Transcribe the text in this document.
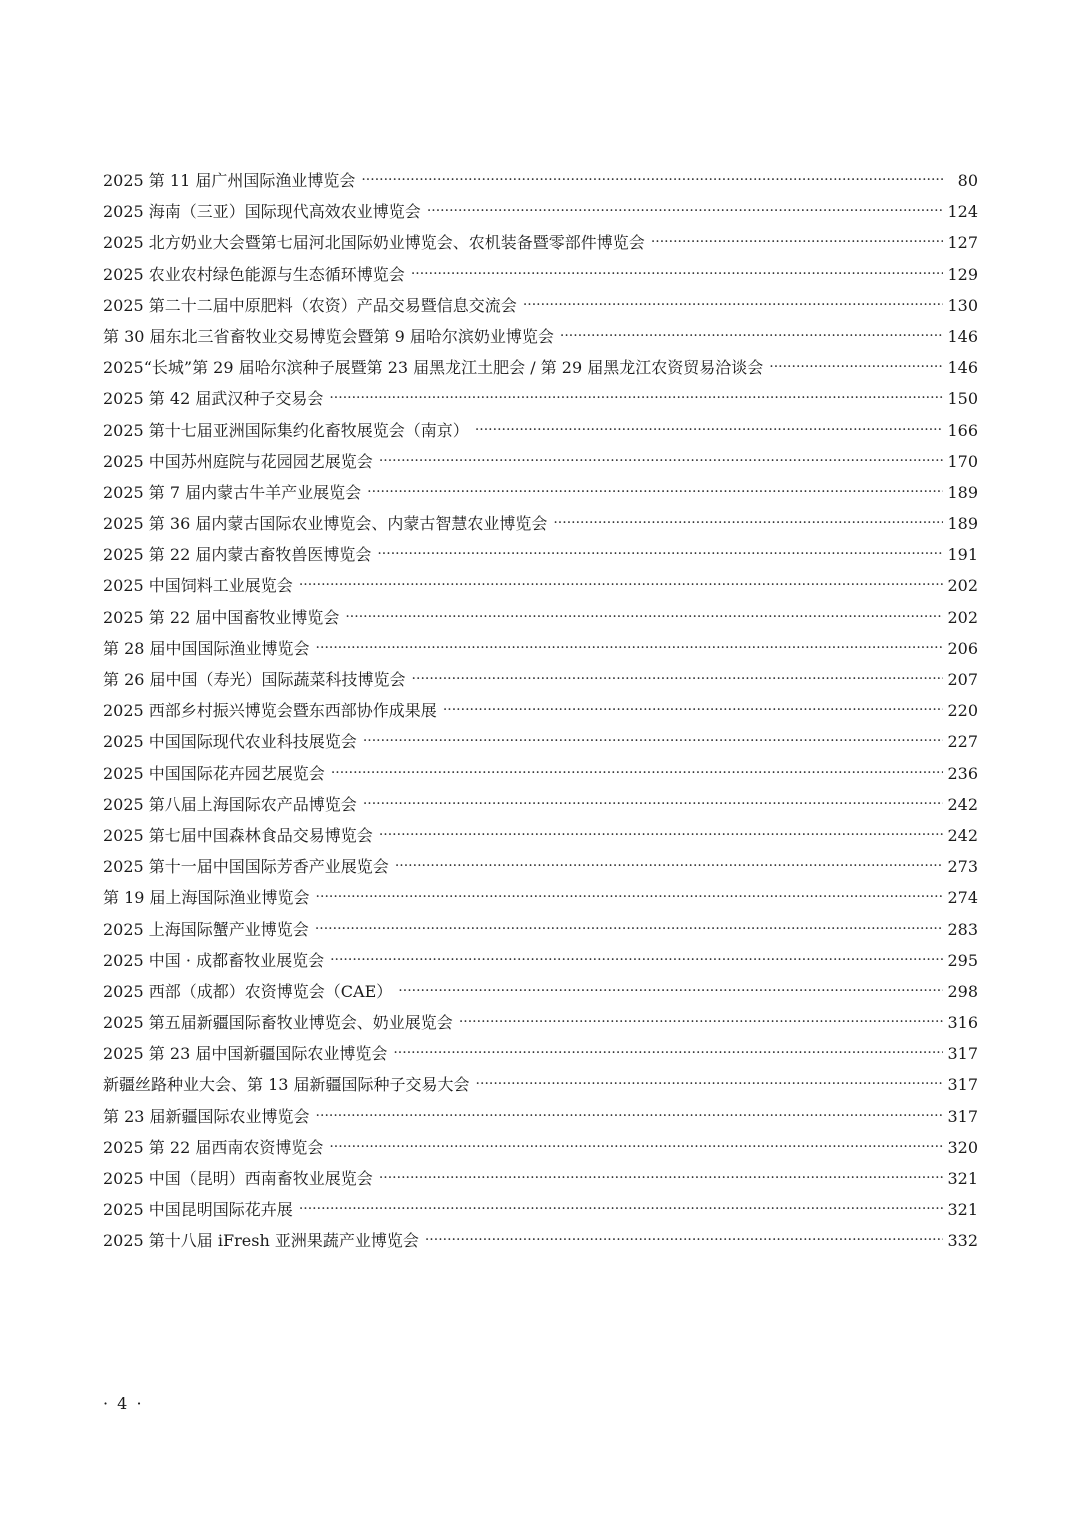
2025 第 11 届广州国际渔业博览会 ·····	80
2025 海南（三亚）国际现代高效农业博览会 ·····	124
2025 北方奶业大会暨第七届河北国际奶业博览会、农机装备暨零部件博览会 ·····	127
2025 农业农村绿色能源与生态循环博览会 ·····	129
2025 第二十二届中原肥料（农资）产品交易暨信息交流会 ·····	130
第 30 届东北三省畜牧业交易博览会暨第 9 届哈尔滨奶业博览会 ·····	146
2025“长城”第 29 届哈尔滨种子展暨第 23 届黑龙江土肥会 / 第 29 届黑龙江农资贸易洽谈会 ·····	146
2025 第 42 届武汉种子交易会 ·····	150
2025 第十七届亚洲国际集约化畜牧展览会（南京） ·····	166
2025 中国苏州庭院与花园园艺展览会 ·····	170
2025 第 7 届内蒙古牛羊产业展览会 ·····	189
2025 第 36 届内蒙古国际农业博览会、内蒙古智慧农业博览会 ·····	189
2025 第 22 届内蒙古畜牧兽医博览会 ·····	191
2025 中国饲料工业展览会 ·····	202
2025 第 22 届中国畜牧业博览会 ·····	202
第 28 届中国国际渔业博览会 ·····	206
第 26 届中国（寿光）国际蔬菜科技博览会 ·····	207
2025 西部乡村振兴博览会暨东西部协作成果展 ·····	220
2025 中国国际现代农业科技展览会 ·····	227
2025 中国国际花卉园艺展览会 ·····	236
2025 第八届上海国际农产品博览会 ·····	242
2025 第七届中国森林食品交易博览会 ·····	242
2025 第十一届中国国际芳香产业展览会 ·····	273
第 19 届上海国际渔业博览会 ·····	274
2025 上海国际蟹产业博览会 ·····	283
2025 中国 · 成都畜牧业展览会 ·····	295
2025 西部（成都）农资博览会（CAE） ·····	298
2025 第五届新疆国际畜牧业博览会、奶业展览会 ·····	316
2025 第 23 届中国新疆国际农业博览会 ·····	317
新疆丝路种业大会、第 13 届新疆国际种子交易大会 ·····	317
第 23 届新疆国际农业博览会 ·····	317
2025 第 22 届西南农资博览会 ·····	320
2025 中国（昆明）西南畜牧业展览会 ·····	321
2025 中国昆明国际花卉展 ·····	321
2025 第十八届 iFresh 亚洲果蔬产业博览会 ·····	332
· 4 ·
